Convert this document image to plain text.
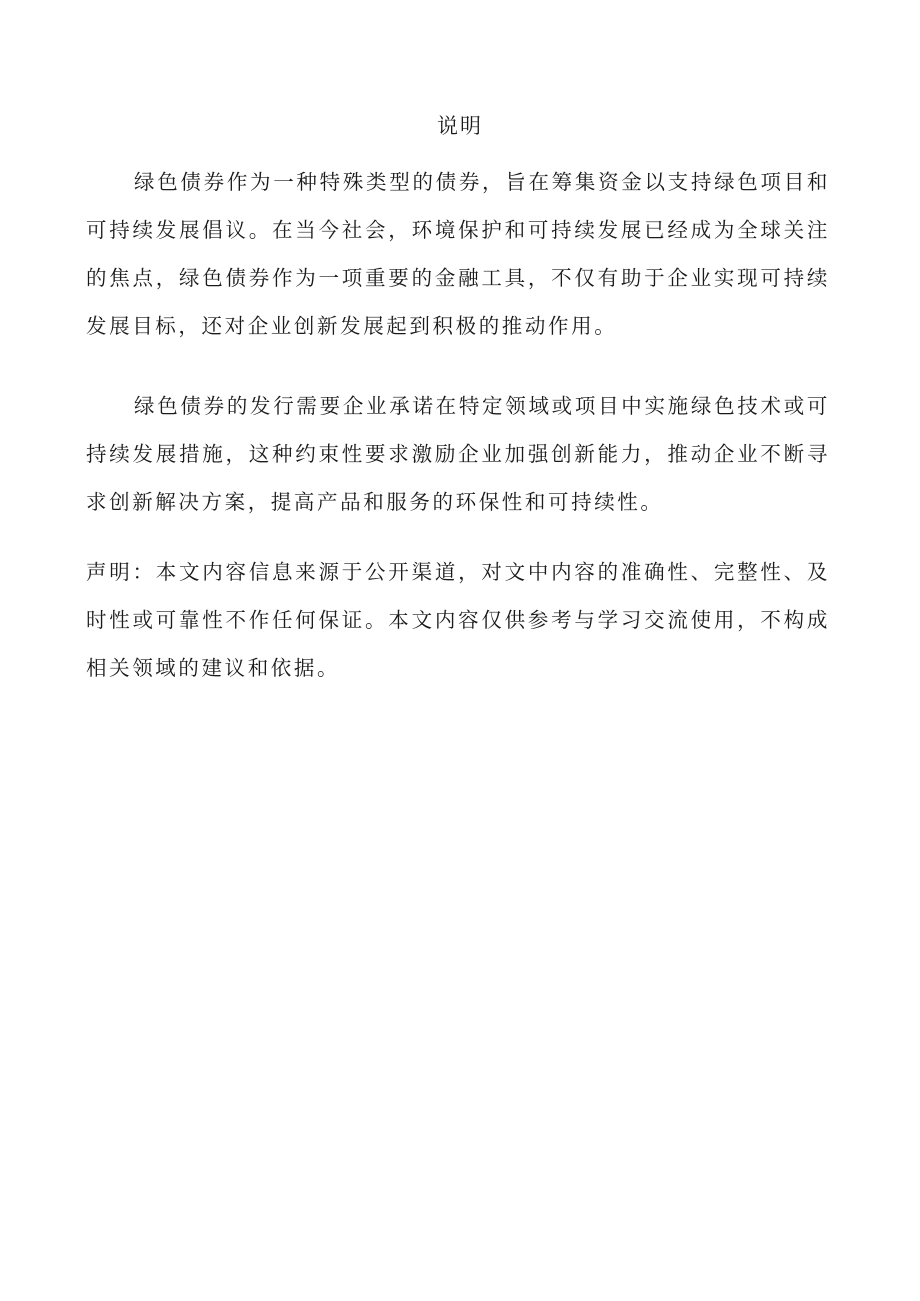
说明

绿色债券作为一种特殊类型的债券，旨在筹集资金以支持绿色项目和可持续发展倡议。在当今社会，环境保护和可持续发展已经成为全球关注的焦点，绿色债券作为一项重要的金融工具，不仅有助于企业实现可持续发展目标，还对企业创新发展起到积极的推动作用。

绿色债券的发行需要企业承诺在特定领域或项目中实施绿色技术或可持续发展措施，这种约束性要求激励企业加强创新能力，推动企业不断寻求创新解决方案，提高产品和服务的环保性和可持续性。

声明：本文内容信息来源于公开渠道，对文中内容的准确性、完整性、及时性或可靠性不作任何保证。本文内容仅供参考与学习交流使用，不构成相关领域的建议和依据。
